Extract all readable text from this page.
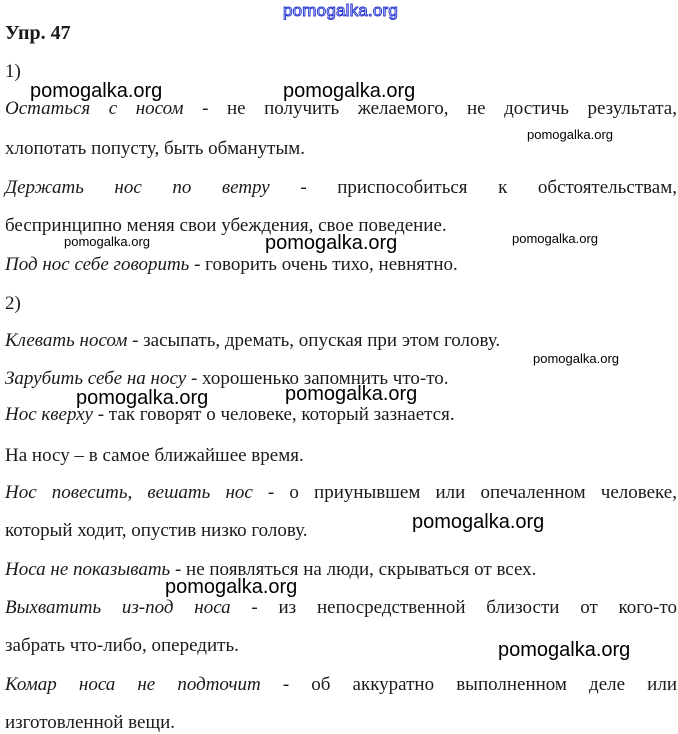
pomogalka.org
Упр. 47
1)
Остаться с носом - не получить желаемого, не достичь результата,
хлопотать попусту, быть обманутым.
Держать нос по ветру - приспособиться к обстоятельствам,
беспринципно меняя свои убеждения, свое поведение.
Под нос себе говорить - говорить очень тихо, невнятно.
2)
Клевать носом - засыпать, дремать, опуская при этом голову.
Зарубить себе на носу - хорошенько запомнить что-то.
Нос кверху - так говорят о человеке, который зазнается.
На носу – в самое ближайшее время.
Нос повесить, вешать нос - о приунывшем или опечаленном человеке,
который ходит, опустив низко голову.
Носа не показывать - не появляться на люди, скрываться от всех.
Выхватить из-под носа - из непосредственной близости от кого-то
забрать что-либо, опередить.
Комар носа не подточит - об аккуратно выполненном деле или
изготовленной вещи.
pomogalka.org	pomogalka.org
pomogalka.org
pomogalka.org	pomogalka.org	pomogalka.org
pomogalka.org
pomogalka.org	pomogalka.org
pomogalka.org
pomogalka.org
pomogalka.org
